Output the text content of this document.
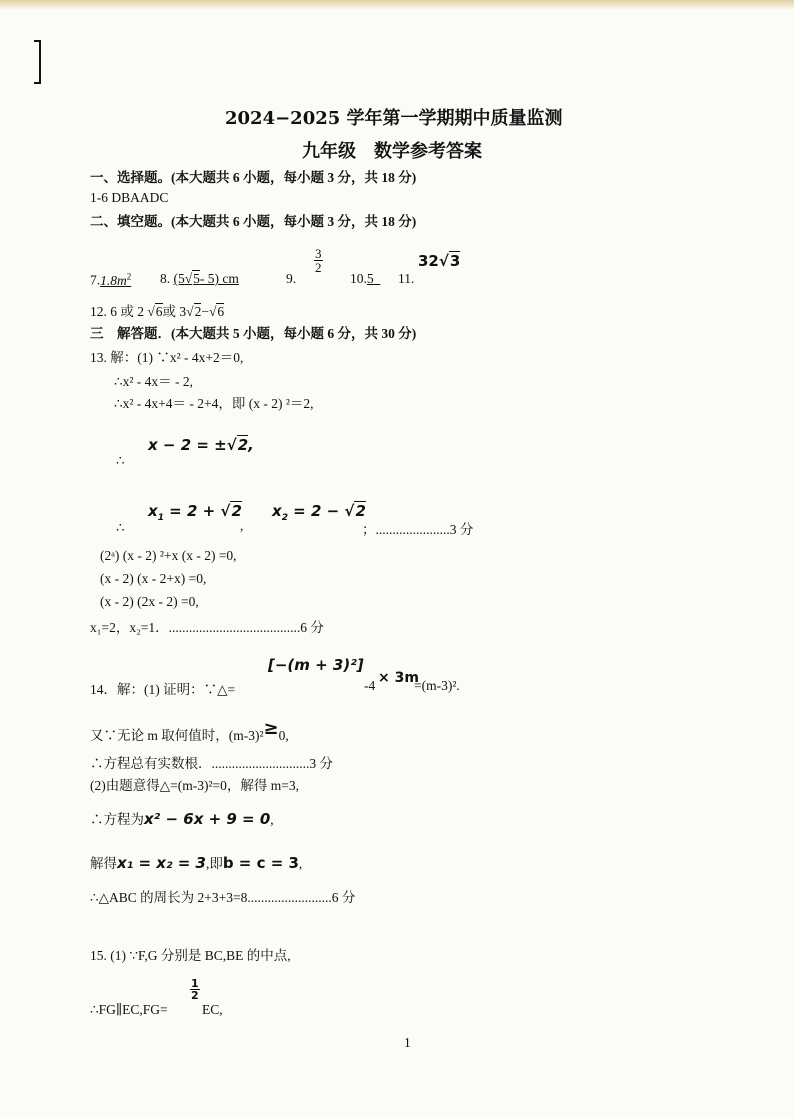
2024−2025 学年第一学期期中质量监测
九年级　数学参考答案
一、选择题。(本大题共 6 小题，每小题 3 分，共 18 分)
1-6 DBAADC
二、填空题。(本大题共 6 小题，每小题 3 分，共 18 分)
$7.1.8m^2$ 8. (5√5- 5) cm	9.
$\frac{3}{2}$
10.5	11.
32√3
12. 6 或 2 √6或 3√2−√6
三　解答题．(本大题共 5 小题，每小题 6 分，共 30 分)
13. 解：(1) ∵x² - 4x+2＝0,
∴x² - 4x＝ - 2,
∴x² - 4x+4＝ - 2+4，即 (x - 2) ²＝2,
∴
x − 2 = ±√2,
∴
$x_1 = 2 + √2$
,
$x_2 = 2 - √2$
；......................3 分
(2ᵃ) (x - 2) ²+x (x - 2) =0,
(x - 2) (x - 2+x) =0,
(x - 2) (2x - 2) =0,
x₁=2，x₂=1．.......................................6 分
14．解：(1) 证明：∵△=
[−(m + 3)²]
-4 × 3m
=(m-3)².
又∵无论 m 取何值时，(m-3)²≥0,
∴方程总有实数根．.............................3 分
(2)由题意得△=(m-3)²=0，解得 m=3,
∴方程为x² − 6x + 9 = 0,
解得x₁ = x₂ = 3,即b = c = 3,
∴△ABC 的周长为 2+3+3=8.........................6 分
15. (1) ∵F,G 分别是 BC,BE 的中点,
∴FG∥EC,FG=
$\frac{1}{2}$
EC,
1
